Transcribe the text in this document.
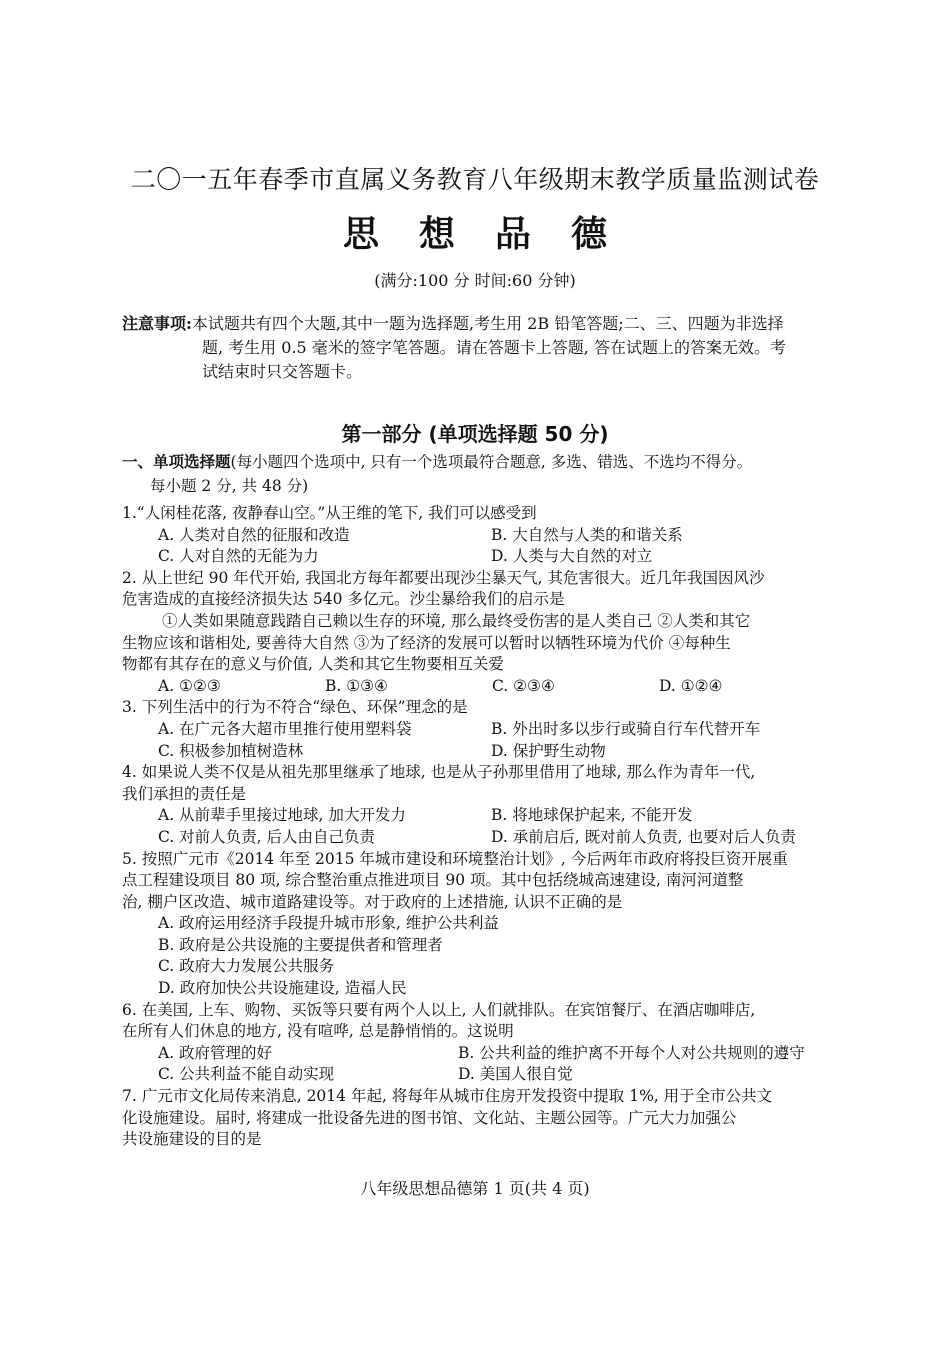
二〇一五年春季市直属义务教育八年级期末教学质量监测试卷
思想品德
(满分:100 分 时间:60 分钟)
注意事项:本试题共有四个大题,其中一题为选择题,考生用 2B 铅笔答题;二、三、四题为非选择
题, 考生用 0.5 毫米的签字笔答题。请在答题卡上答题, 答在试题上的答案无效。考
试结束时只交答题卡。
第一部分 (单项选择题 50 分)
一、单项选择题(每小题四个选项中, 只有一个选项最符合题意, 多选、错选、不选均不得分。
每小题 2 分, 共 48 分)
1.“人闲桂花落, 夜静春山空。”从王维的笔下, 我们可以感受到
A. 人类对自然的征服和改造	B. 大自然与人类的和谐关系
C. 人对自然的无能为力	D. 人类与大自然的对立
2. 从上世纪 90 年代开始, 我国北方每年都要出现沙尘暴天气, 其危害很大。近几年我国因风沙
危害造成的直接经济损失达 540 多亿元。沙尘暴给我们的启示是
①人类如果随意践踏自己赖以生存的环境, 那么最终受伤害的是人类自己 ②人类和其它
生物应该和谐相处, 要善待大自然 ③为了经济的发展可以暂时以牺牲环境为代价 ④每种生
物都有其存在的意义与价值, 人类和其它生物要相互关爱
A. ①②③	B. ①③④	C. ②③④	D. ①②④
3. 下列生活中的行为不符合“绿色、环保”理念的是
A. 在广元各大超市里推行使用塑料袋	B. 外出时多以步行或骑自行车代替开车
C. 积极参加植树造林	D. 保护野生动物
4. 如果说人类不仅是从祖先那里继承了地球, 也是从子孙那里借用了地球, 那么作为青年一代,
我们承担的责任是
A. 从前辈手里接过地球, 加大开发力	B. 将地球保护起来, 不能开发
C. 对前人负责, 后人由自己负责	D. 承前启后, 既对前人负责, 也要对后人负责
5. 按照广元市《2014 年至 2015 年城市建设和环境整治计划》, 今后两年市政府将投巨资开展重
点工程建设项目 80 项, 综合整治重点推进项目 90 项。其中包括绕城高速建设, 南河河道整
治, 棚户区改造、城市道路建设等。对于政府的上述措施, 认识不正确的是
A. 政府运用经济手段提升城市形象, 维护公共利益
B. 政府是公共设施的主要提供者和管理者
C. 政府大力发展公共服务
D. 政府加快公共设施建设, 造福人民
6. 在美国, 上车、购物、买饭等只要有两个人以上, 人们就排队。在宾馆餐厅、在酒店咖啡店,
在所有人们休息的地方, 没有喧哗, 总是静悄悄的。这说明
A. 政府管理的好	B. 公共利益的维护离不开每个人对公共规则的遵守
C. 公共利益不能自动实现	D. 美国人很自觉
7. 广元市文化局传来消息, 2014 年起, 将每年从城市住房开发投资中提取 1%, 用于全市公共文
化设施建设。届时, 将建成一批设备先进的图书馆、文化站、主题公园等。广元大力加强公
共设施建设的目的是
八年级思想品德第 1 页(共 4 页)
